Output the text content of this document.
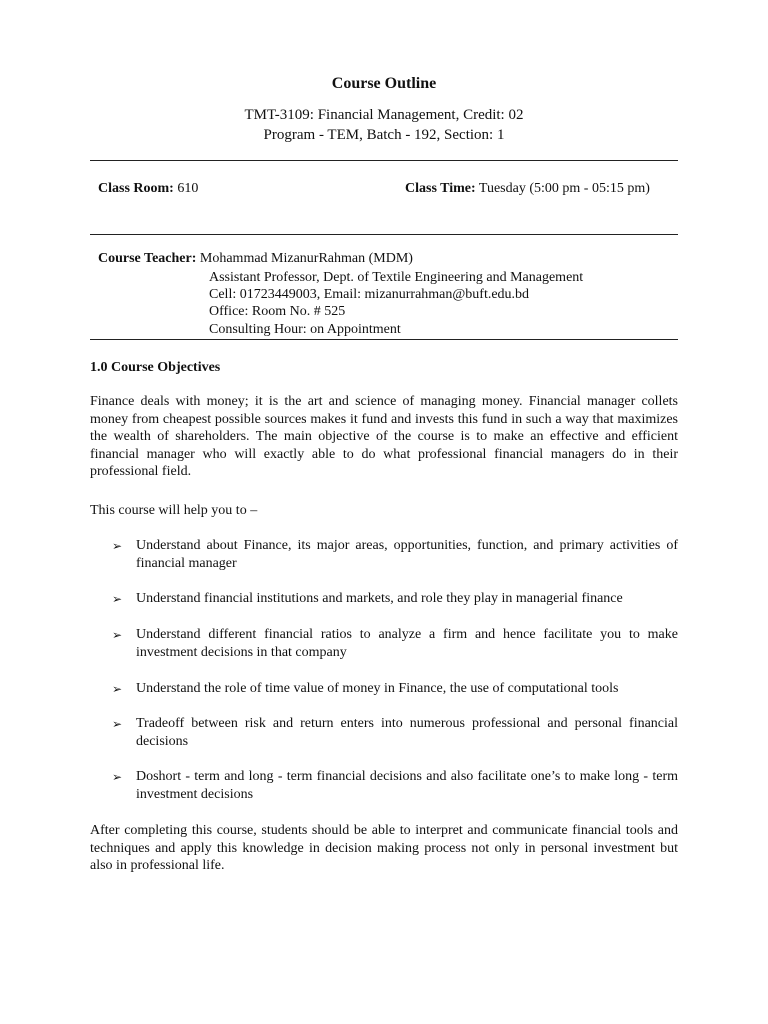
Course Outline
TMT-3109: Financial Management, Credit: 02
Program - TEM, Batch - 192, Section: 1
Class Room: 610	Class Time: Tuesday (5:00 pm - 05:15 pm)
Course Teacher: Mohammad MizanurRahman (MDM)
Assistant Professor, Dept. of Textile Engineering and Management
Cell: 01723449003, Email: mizanurrahman@buft.edu.bd
Office: Room No. # 525
Consulting Hour: on Appointment
1.0 Course Objectives
Finance deals with money; it is the art and science of managing money. Financial manager collets money from cheapest possible sources makes it fund and invests this fund in such a way that maximizes the wealth of shareholders. The main objective of the course is to make an effective and efficient financial manager who will exactly able to do what professional financial managers do in their professional field.
This course will help you to –
➢ Understand about Finance, its major areas, opportunities, function, and primary activities of financial manager
➢ Understand financial institutions and markets, and role they play in managerial finance
➢ Understand different financial ratios to analyze a firm and hence facilitate you to make investment decisions in that company
➢ Understand the role of time value of money in Finance, the use of computational tools
➢ Tradeoff between risk and return enters into numerous professional and personal financial decisions
➢ Doshort - term and long - term financial decisions and also facilitate one’s to make long - term investment decisions
After completing this course, students should be able to interpret and communicate financial tools and techniques and apply this knowledge in decision making process not only in personal investment but also in professional life.
